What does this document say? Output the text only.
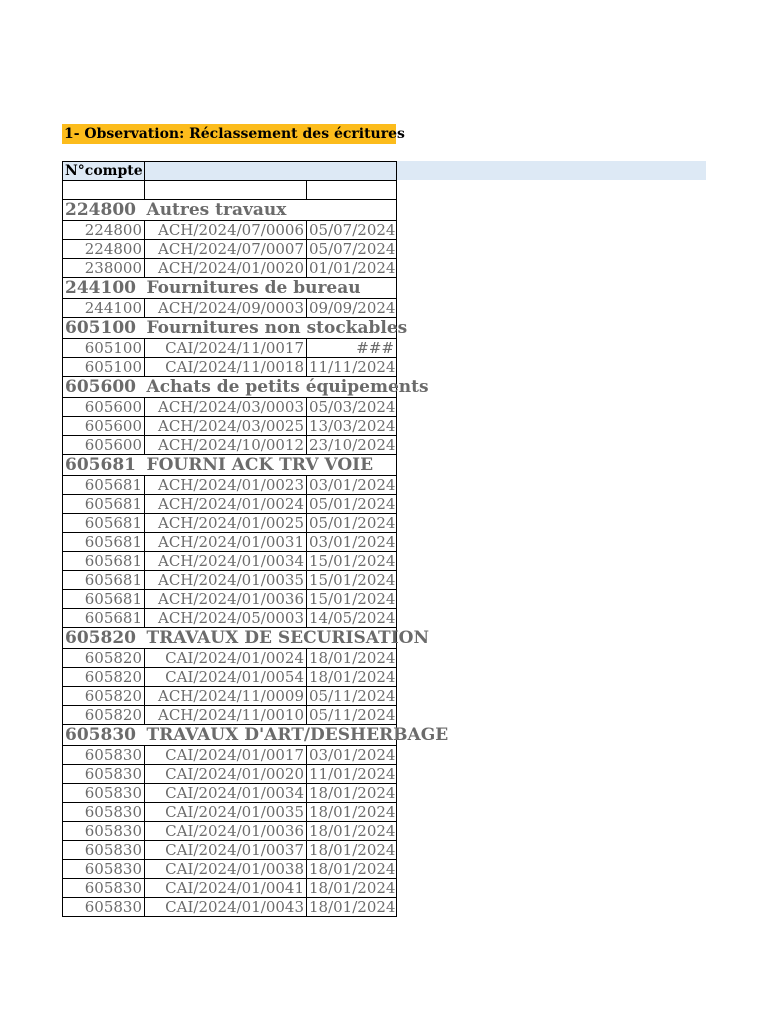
1- Observation: Réclassement des écritures
N°compte		

224800	Autres travaux	
224800	ACH/2024/07/0006	05/07/2024
224800	ACH/2024/07/0007	05/07/2024
238000	ACH/2024/01/0020	01/01/2024
244100	Fournitures de bureau	
244100	ACH/2024/09/0003	09/09/2024
605100	Fournitures non stockables	
605100	CAI/2024/11/0017	###
605100	CAI/2024/11/0018	11/11/2024
605600	Achats de petits équipements	
605600	ACH/2024/03/0003	05/03/2024
605600	ACH/2024/03/0025	13/03/2024
605600	ACH/2024/10/0012	23/10/2024
605681	FOURNI ACK TRV VOIE	
605681	ACH/2024/01/0023	03/01/2024
605681	ACH/2024/01/0024	05/01/2024
605681	ACH/2024/01/0025	05/01/2024
605681	ACH/2024/01/0031	03/01/2024
605681	ACH/2024/01/0034	15/01/2024
605681	ACH/2024/01/0035	15/01/2024
605681	ACH/2024/01/0036	15/01/2024
605681	ACH/2024/05/0003	14/05/2024
605820	TRAVAUX DE SECURISATION	
605820	CAI/2024/01/0024	18/01/2024
605820	CAI/2024/01/0054	18/01/2024
605820	ACH/2024/11/0009	05/11/2024
605820	ACH/2024/11/0010	05/11/2024
605830	TRAVAUX D'ART/DESHERBAGE	
605830	CAI/2024/01/0017	03/01/2024
605830	CAI/2024/01/0020	11/01/2024
605830	CAI/2024/01/0034	18/01/2024
605830	CAI/2024/01/0035	18/01/2024
605830	CAI/2024/01/0036	18/01/2024
605830	CAI/2024/01/0037	18/01/2024
605830	CAI/2024/01/0038	18/01/2024
605830	CAI/2024/01/0041	18/01/2024
605830	CAI/2024/01/0043	18/01/2024
